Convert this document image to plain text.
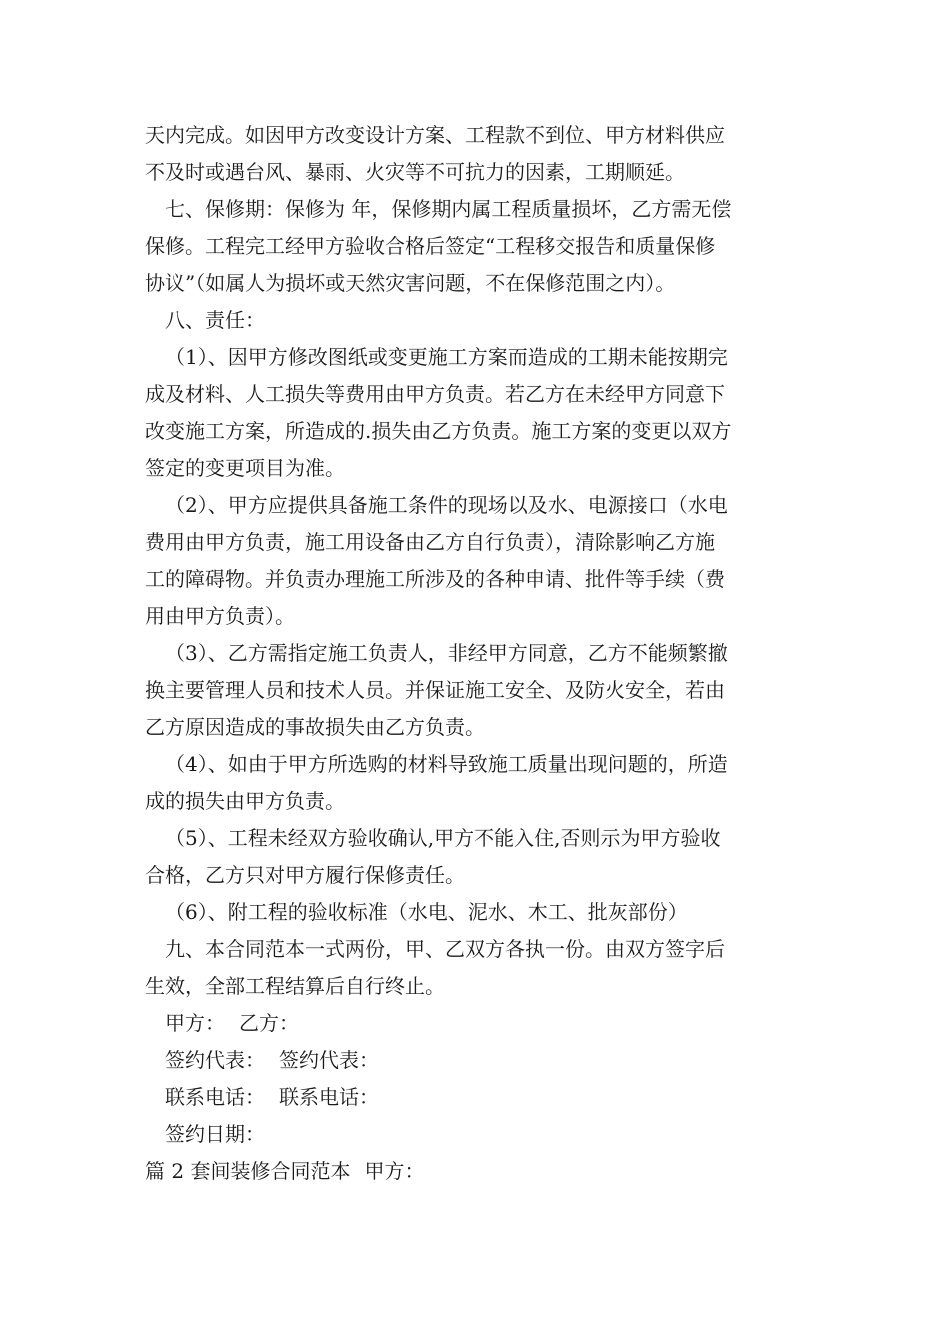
天内完成。如因甲方改变设计方案、工程款不到位、甲方材料供应
不及时或遇台风、暴雨、火灾等不可抗力的因素，工期顺延。
七、保修期：保修为 年，保修期内属工程质量损坏，乙方需无偿
保修。工程完工经甲方验收合格后签定“工程移交报告和质量保修
协议”（如属人为损坏或天然灾害问题，不在保修范围之内）。
八、责任：
（1）、因甲方修改图纸或变更施工方案而造成的工期未能按期完
成及材料、人工损失等费用由甲方负责。若乙方在未经甲方同意下
改变施工方案，所造成的.损失由乙方负责。施工方案的变更以双方
签定的变更项目为准。
（2）、甲方应提供具备施工条件的现场以及水、电源接口（水电
费用由甲方负责，施工用设备由乙方自行负责），清除影响乙方施
工的障碍物。并负责办理施工所涉及的各种申请、批件等手续（费
用由甲方负责）。
（3）、乙方需指定施工负责人，非经甲方同意，乙方不能频繁撤
换主要管理人员和技术人员。并保证施工安全、及防火安全，若由
乙方原因造成的事故损失由乙方负责。
（4）、如由于甲方所选购的材料导致施工质量出现问题的，所造
成的损失由甲方负责。
（5）、工程未经双方验收确认,甲方不能入住,否则示为甲方验收
合格，乙方只对甲方履行保修责任。
（6）、附工程的验收标准（水电、泥水、木工、批灰部份）
九、本合同范本一式两份，甲、乙双方各执一份。由双方签字后
生效，全部工程结算后自行终止。
甲方： 乙方：
签约代表： 签约代表：
联系电话： 联系电话：
签约日期：
篇 2 套间装修合同范本 甲方：
